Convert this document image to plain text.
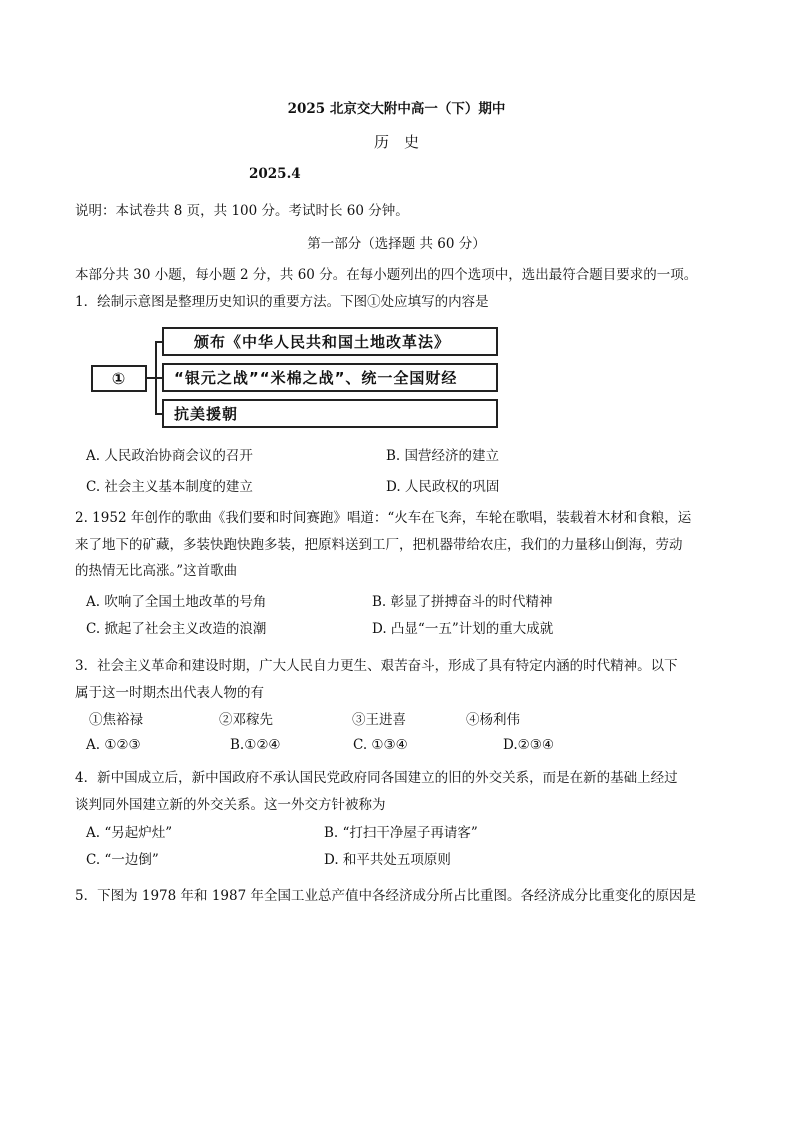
2025 北京交大附中高一（下）期中
历　史
2025.4
说明：本试卷共 8 页，共 100 分。考试时长 60 分钟。
第一部分（选择题 共 60 分）
本部分共 30 小题，每小题 2 分，共 60 分。在每小题列出的四个选项中，选出最符合题目要求的一项。
1．绘制示意图是整理历史知识的重要方法。下图①处应填写的内容是
①
颁布《中华人民共和国土地改革法》
“银元之战”“米棉之战”、统一全国财经
抗美援朝
A. 人民政治协商会议的召开	B. 国营经济的建立
C. 社会主义基本制度的建立	D. 人民政权的巩固
2. 1952 年创作的歌曲《我们要和时间赛跑》唱道：“火车在飞奔，车轮在歌唱，装载着木材和食粮，运
来了地下的矿藏，多装快跑快跑多装，把原料送到工厂，把机器带给农庄，我们的力量移山倒海，劳动
的热情无比高涨。”这首歌曲
A. 吹响了全国土地改革的号角	B. 彰显了拼搏奋斗的时代精神
C. 掀起了社会主义改造的浪潮	D. 凸显“一五”计划的重大成就
3．社会主义革命和建设时期，广大人民自力更生、艰苦奋斗，形成了具有特定内涵的时代精神。以下
属于这一时期杰出代表人物的有
①焦裕禄	②邓稼先	③王进喜	④杨利伟
A. ①②③	B.①②④	C. ①③④	D.②③④
4．新中国成立后，新中国政府不承认国民党政府同各国建立的旧的外交关系，而是在新的基础上经过
谈判同外国建立新的外交关系。这一外交方针被称为
A. “另起炉灶”	B. “打扫干净屋子再请客”
C. “一边倒”	D. 和平共处五项原则
5．下图为 1978 年和 1987 年全国工业总产值中各经济成分所占比重图。各经济成分比重变化的原因是
